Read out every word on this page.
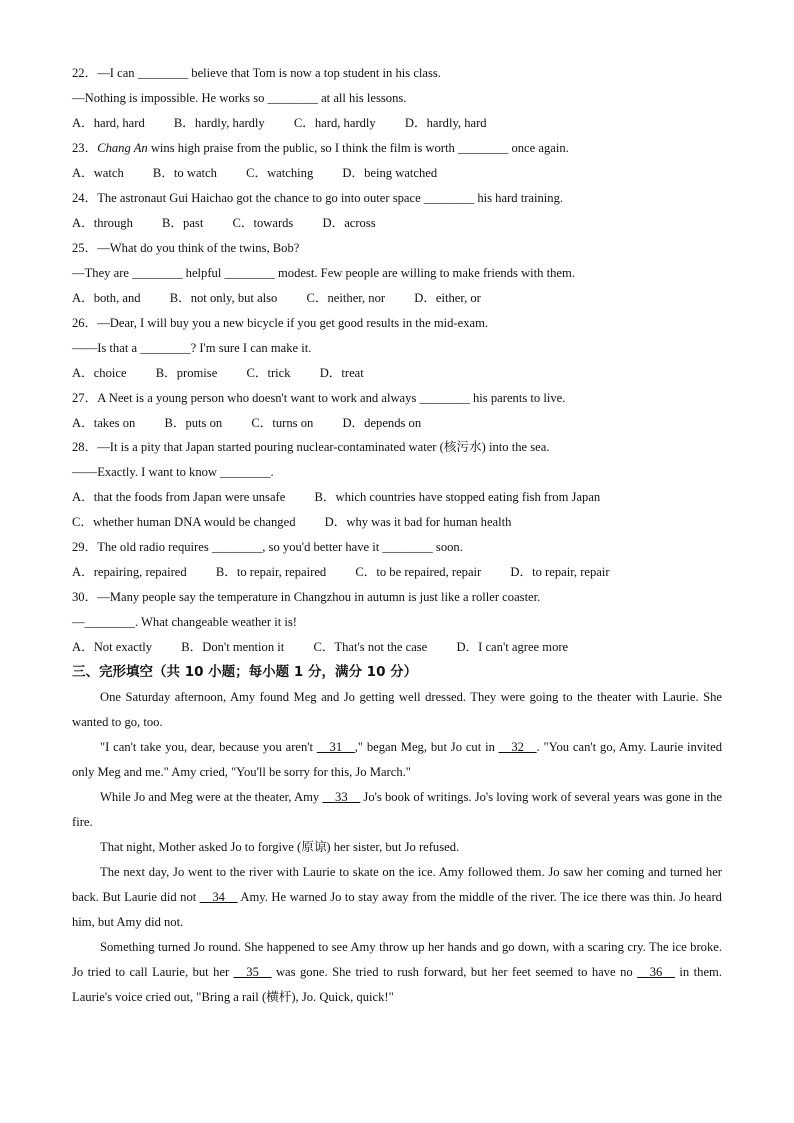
22．—I can ________ believe that Tom is now a top student in his class.
—Nothing is impossible. He works so ________ at all his lessons.
A．hard, hard B．hardly, hardly C．hard, hardly D．hardly, hard
23．Chang An wins high praise from the public, so I think the film is worth ________ once again.
A．watch B．to watch C．watching D．being watched
24．The astronaut Gui Haichao got the chance to go into outer space ________ his hard training.
A．through B．past C．towards D．across
25．—What do you think of the twins, Bob?
—They are ________ helpful ________ modest. Few people are willing to make friends with them.
A．both, and B．not only, but also C．neither, nor D．either, or
26．—Dear, I will buy you a new bicycle if you get good results in the mid-exam.
——Is that a ________? I'm sure I can make it.
A．choice B．promise C．trick D．treat
27．A Neet is a young person who doesn't want to work and always ________ his parents to live.
A．takes on B．puts on C．turns on D．depends on
28．—It is a pity that Japan started pouring nuclear-contaminated water (核污水) into the sea.
——Exactly. I want to know ________.
A．that the foods from Japan were unsafe B．which countries have stopped eating fish from Japan
C．whether human DNA would be changed D．why was it bad for human health
29．The old radio requires ________, so you'd better have it ________ soon.
A．repairing, repaired B．to repair, repaired C．to be repaired, repair D．to repair, repair
30．—Many people say the temperature in Changzhou in autumn is just like a roller coaster.
—________. What changeable weather it is!
A．Not exactly B．Don't mention it C．That's not the case D．I can't agree more
三、完形填空（共 10 小题；每小题 1 分，满分 10 分）
One Saturday afternoon, Amy found Meg and Jo getting well dressed. They were going to the theater with Laurie. She wanted to go, too.
"I can't take you, dear, because you aren't __31__," began Meg, but Jo cut in __32__. "You can't go, Amy. Laurie invited only Meg and me." Amy cried, "You'll be sorry for this, Jo March."
While Jo and Meg were at the theater, Amy __33__ Jo's book of writings. Jo's loving work of several years was gone in the fire.
That night, Mother asked Jo to forgive (原谅) her sister, but Jo refused.
The next day, Jo went to the river with Laurie to skate on the ice. Amy followed them. Jo saw her coming and turned her back. But Laurie did not __34__ Amy. He warned Jo to stay away from the middle of the river. The ice there was thin. Jo heard him, but Amy did not.
Something turned Jo round. She happened to see Amy throw up her hands and go down, with a scaring cry. The ice broke. Jo tried to call Laurie, but her __35__ was gone. She tried to rush forward, but her feet seemed to have no __36__ in them. Laurie's voice cried out, "Bring a rail (横杆), Jo. Quick, quick!"
